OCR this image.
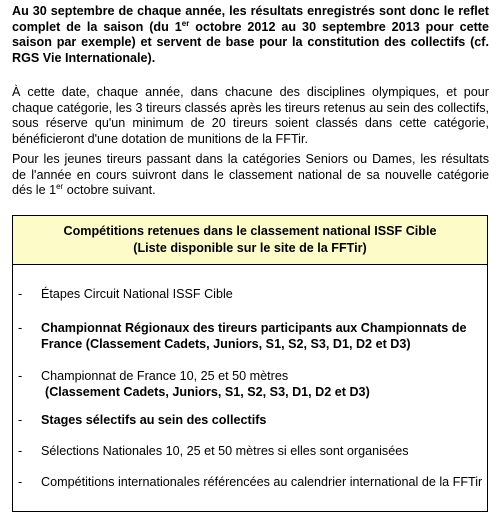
Au 30 septembre de chaque année, les résultats enregistrés sont donc le reflet complet de la saison (du 1er octobre 2012 au 30 septembre 2013 pour cette saison par exemple) et servent de base pour la constitution des collectifs (cf. RGS Vie Internationale).
À cette date, chaque année, dans chacune des disciplines olympiques, et pour chaque catégorie, les 3 tireurs classés après les tireurs retenus au sein des collectifs, sous réserve qu'un minimum de 20 tireurs soient classés dans cette catégorie, bénéficieront d'une dotation de munitions de la FFTir.
Pour les jeunes tireurs passant dans la catégories Seniors ou Dames, les résultats de l'année en cours suivront dans le classement national de sa nouvelle catégorie dés le 1er octobre suivant.
Compétitions retenues dans le classement national ISSF Cible
(Liste disponible sur le site de la FFTir)
- Étapes Circuit National ISSF Cible
- Championnat Régionaux des tireurs participants aux Championnats de
France (Classement Cadets, Juniors, S1, S2, S3, D1, D2 et D3)
- Championnat de France 10, 25 et 50 mètres
(Classement Cadets, Juniors, S1, S2, S3, D1, D2 et D3)
- Stages sélectifs au sein des collectifs
- Sélections Nationales 10, 25 et 50 mètres si elles sont organisées
- Compétitions internationales référencées au calendrier international de la FFTir
